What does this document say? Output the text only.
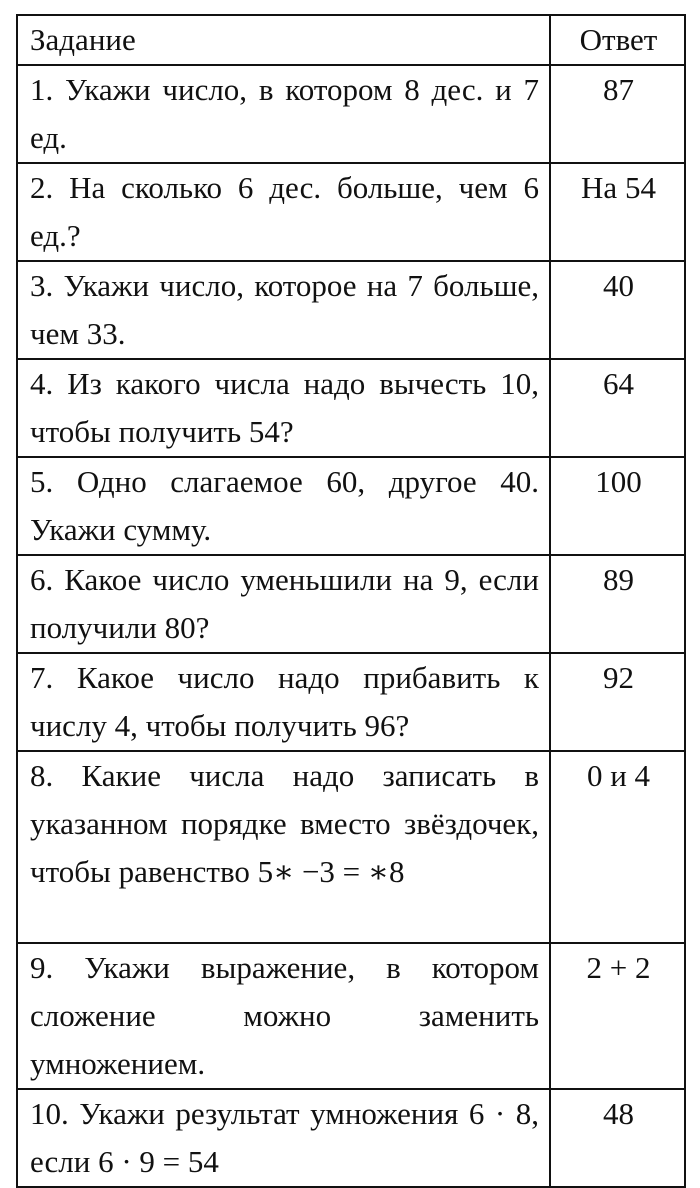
Задание	Ответ
1. Укажи число, в котором 8 дес. и 7 ед.	87
2. На сколько 6 дес. больше, чем 6 ед.?	На 54
3. Укажи число, которое на 7 больше, чем 33.	40
4. Из какого числа надо вычесть 10, чтобы получить 54?	64
5. Одно слагаемое 60, другое 40. Укажи сумму.	100
6. Какое число уменьшили на 9, если получили 80?	89
7. Какое число надо прибавить к числу 4, чтобы получить 96?	92
8. Какие числа надо записать в указанном порядке вместо звёздочек, чтобы равенство 5∗ −3 = ∗8	0 и 4
9. Укажи выражение, в котором сложение можно заменить умножением.	2 + 2
10. Укажи результат умножения 6 · 8, если 6 · 9 = 54	48
